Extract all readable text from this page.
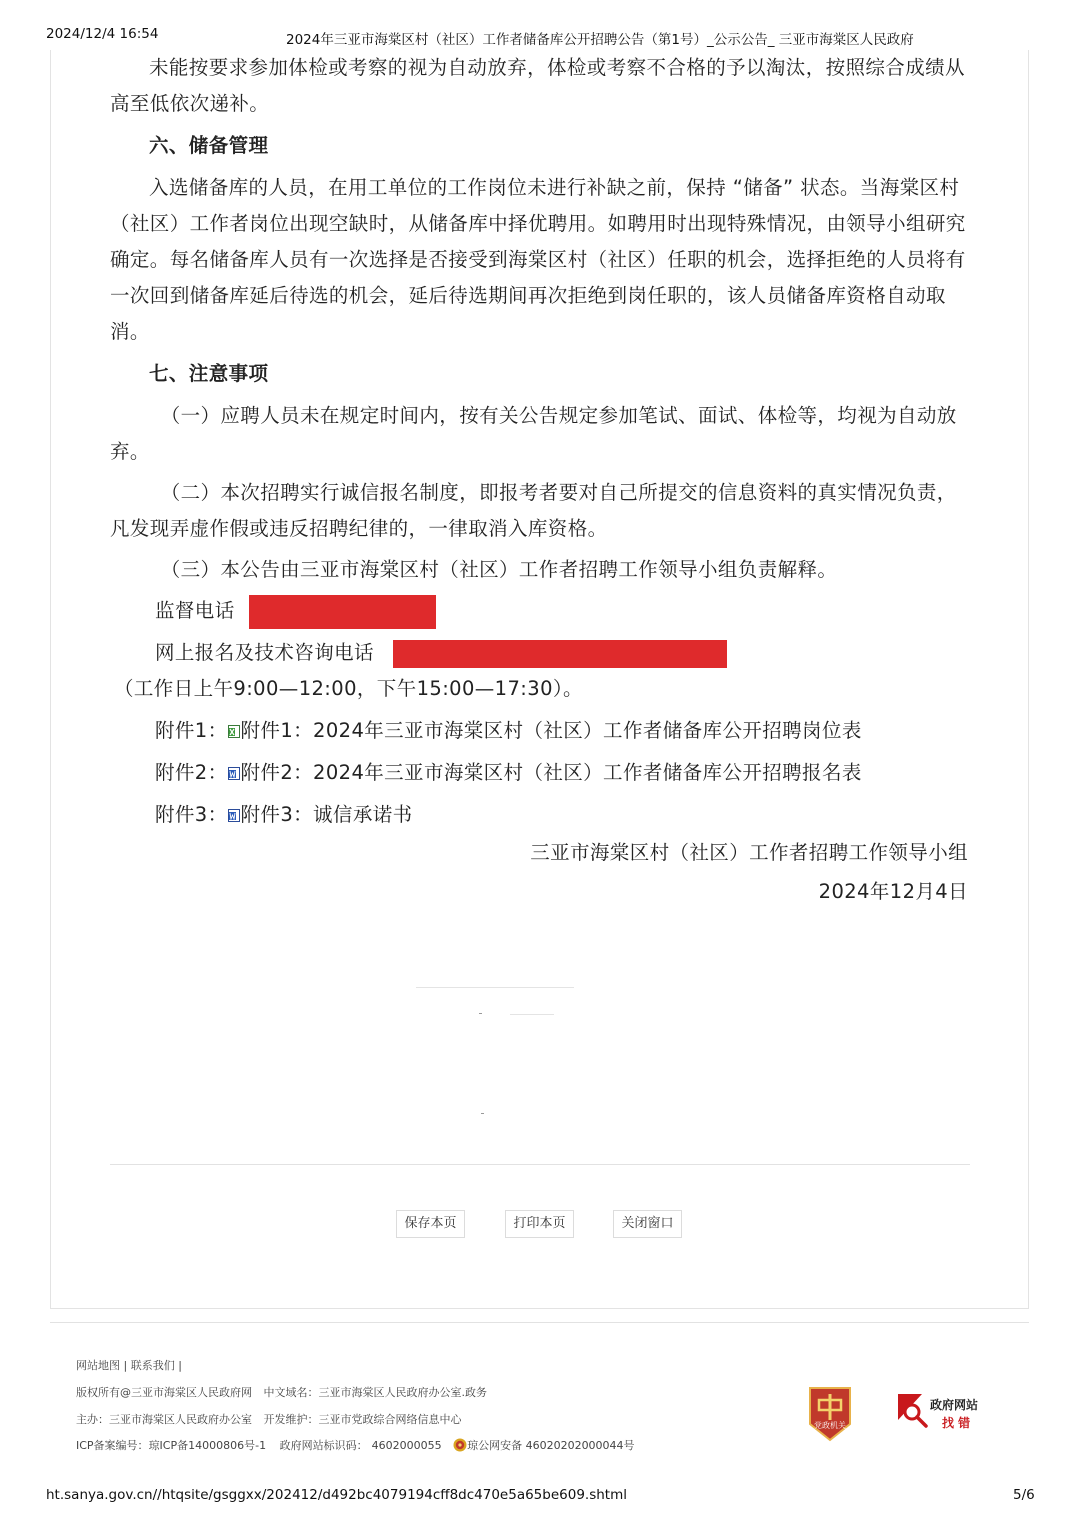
2024/12/4 16:54	2024年三亚市海棠区村（社区）工作者储备库公开招聘公告（第1号）_公示公告_ 三亚市海棠区人民政府

未能按要求参加体检或考察的视为自动放弃，体检或考察不合格的予以淘汰，按照综合成绩从高至低依次递补。

六、储备管理

入选储备库的人员，在用工单位的工作岗位未进行补缺之前，保持 “储备” 状态。当海棠区村（社区）工作者岗位出现空缺时，从储备库中择优聘用。如聘用时出现特殊情况，由领导小组研究确定。每名储备库人员有一次选择是否接受到海棠区村（社区）任职的机会，选择拒绝的人员将有一次回到储备库延后待选的机会，延后待选期间再次拒绝到岗任职的，该人员储备库资格自动取消。

七、注意事项

（一）应聘人员未在规定时间内，按有关公告规定参加笔试、面试、体检等，均视为自动放弃。

（二）本次招聘实行诚信报名制度，即报考者要对自己所提交的信息资料的真实情况负责，凡发现弄虚作假或违反招聘纪律的，一律取消入库资格。

（三）本公告由三亚市海棠区村（社区）工作者招聘工作领导小组负责解释。

监督电话
网上报名及技术咨询电话
（工作日上午9:00—12:00，下午15:00—17:30）。
附件1： 附件1：2024年三亚市海棠区村（社区）工作者储备库公开招聘岗位表
附件2： 附件2：2024年三亚市海棠区村（社区）工作者储备库公开招聘报名表
附件3： 附件3：诚信承诺书
三亚市海棠区村（社区）工作者招聘工作领导小组
2024年12月4日
保存本页	打印本页	关闭窗口
网站地图 | 联系我们 |
版权所有@三亚市海棠区人民政府网 中文域名：三亚市海棠区人民政府办公室.政务
主办：三亚市海棠区人民政府办公室 开发维护：三亚市党政综合网络信息中心
ICP备案编号：琼ICP备14000806号-1 政府网站标识码： 4602000055 琼公网安备 46020202000044号
党政机关
政府网站
找 错
ht.sanya.gov.cn//htqsite/gsggxx/202412/d492bc4079194cff8dc470e5a65be609.shtml	5/6
